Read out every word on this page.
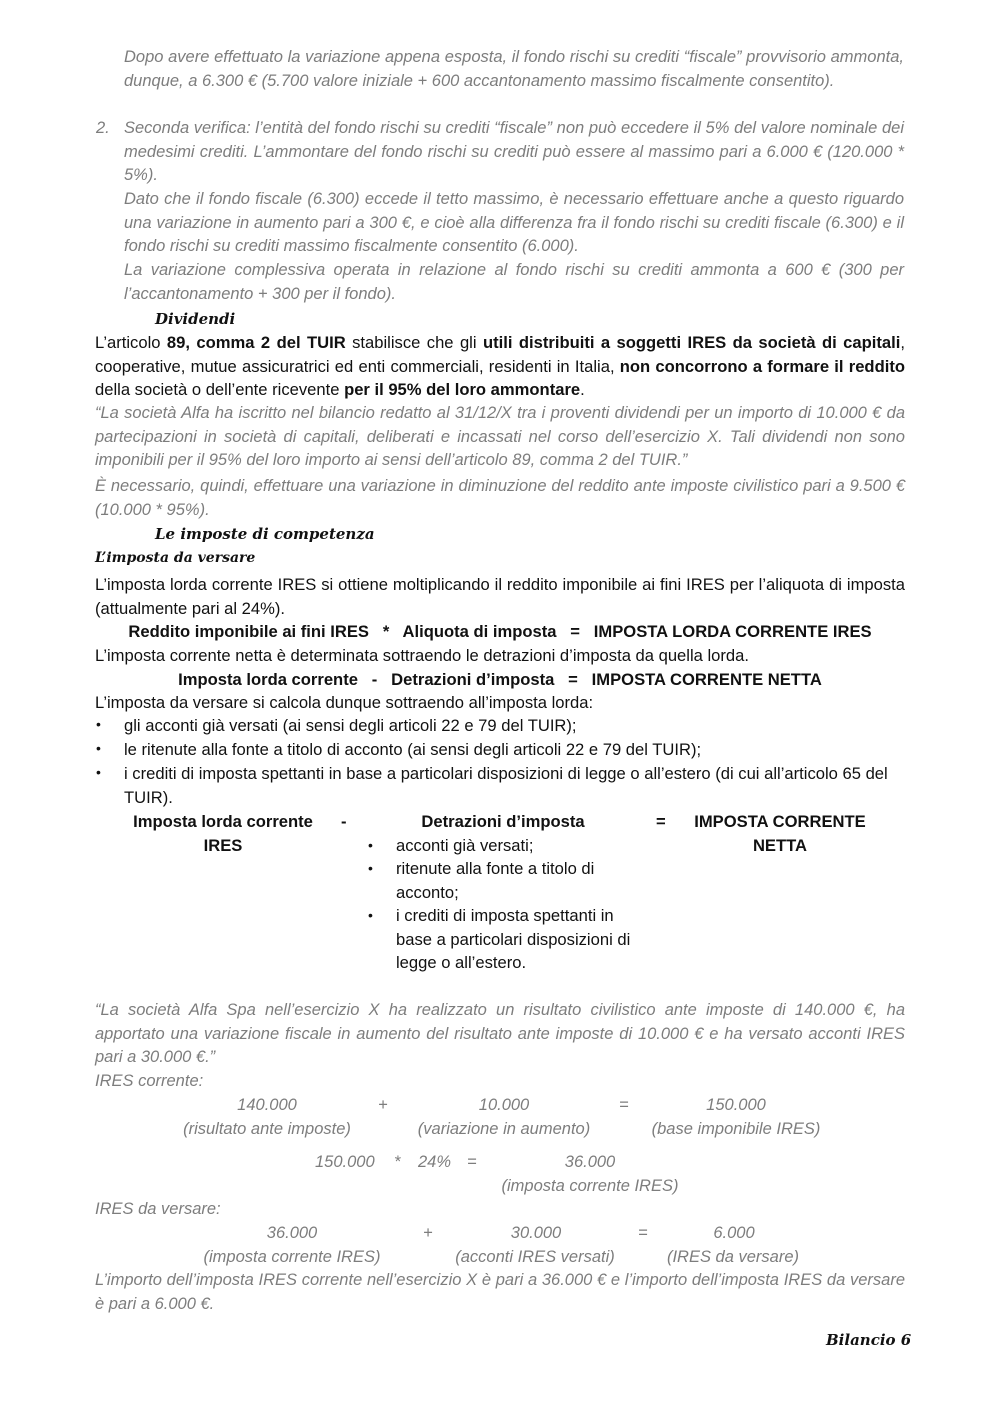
Dopo avere effettuato la variazione appena esposta, il fondo rischi su crediti “fiscale” provvisorio ammonta, dunque, a 6.300 € (5.700 valore iniziale + 600 accantonamento massimo fiscalmente consentito).
2. Seconda verifica: l’entità del fondo rischi su crediti “fiscale” non può eccedere il 5% del valore nominale dei medesimi crediti. L’ammontare del fondo rischi su crediti può essere al massimo pari a 6.000 € (120.000 * 5%).
Dato che il fondo fiscale (6.300) eccede il tetto massimo, è necessario effettuare anche a questo riguardo una variazione in aumento pari a 300 €, e cioè alla differenza fra il fondo rischi su crediti fiscale (6.300) e il fondo rischi su crediti massimo fiscalmente consentito (6.000).
La variazione complessiva operata in relazione al fondo rischi su crediti ammonta a 600 € (300 per l’accantonamento + 300 per il fondo).
Dividendi
L’articolo 89, comma 2 del TUIR stabilisce che gli utili distribuiti a soggetti IRES da società di capitali, cooperative, mutue assicuratrici ed enti commerciali, residenti in Italia, non concorrono a formare il reddito della società o dell’ente ricevente per il 95% del loro ammontare.
“La società Alfa ha iscritto nel bilancio redatto al 31/12/X tra i proventi dividendi per un importo di 10.000 € da partecipazioni in società di capitali, deliberati e incassati nel corso dell’esercizio X. Tali dividendi non sono imponibili per il 95% del loro importo ai sensi dell’articolo 89, comma 2 del TUIR.”
È necessario, quindi, effettuare una variazione in diminuzione del reddito ante imposte civilistico pari a 9.500 € (10.000 * 95%).
Le imposte di competenza
L’imposta da versare
L’imposta lorda corrente IRES si ottiene moltiplicando il reddito imponibile ai fini IRES per l’aliquota di imposta (attualmente pari al 24%).
Reddito imponibile ai fini IRES   *   Aliquota di imposta   =   IMPOSTA LORDA CORRENTE IRES
L’imposta corrente netta è determinata sottraendo le detrazioni d’imposta da quella lorda.
Imposta lorda corrente   -   Detrazioni d’imposta   =   IMPOSTA CORRENTE NETTA
L’imposta da versare si calcola dunque sottraendo all’imposta lorda:
• gli acconti già versati (ai sensi degli articoli 22 e 79 del TUIR);
• le ritenute alla fonte a titolo di acconto (ai sensi degli articoli 22 e 79 del TUIR);
• i crediti di imposta spettanti in base a particolari disposizioni di legge o all’estero (di cui all’articolo 65 del TUIR).
Imposta lorda corrente
IRES
-	Detrazioni d’imposta
• acconti già versati;
• ritenute alla fonte a titolo di acconto;
• i crediti di imposta spettanti in base a particolari disposizioni di legge o all’estero.
=	IMPOSTA CORRENTE
NETTA
“La società Alfa Spa nell’esercizio X ha realizzato un risultato civilistico ante imposte di 140.000 €, ha apportato una variazione fiscale in aumento del risultato ante imposte di 10.000 € e ha versato acconti IRES pari a 30.000 €.”
IRES corrente:
140.000	+	10.000	=	150.000
(risultato ante imposte)	(variazione in aumento)	(base imponibile IRES)
150.000 * 24% =	36.000
(imposta corrente IRES)
IRES da versare:
36.000	+	30.000	=	6.000
(imposta corrente IRES)	(acconti IRES versati)	(IRES da versare)
L’importo dell’imposta IRES corrente nell’esercizio X è pari a 36.000 € e l’importo dell’imposta IRES da versare è pari a 6.000 €.
Bilancio 6
